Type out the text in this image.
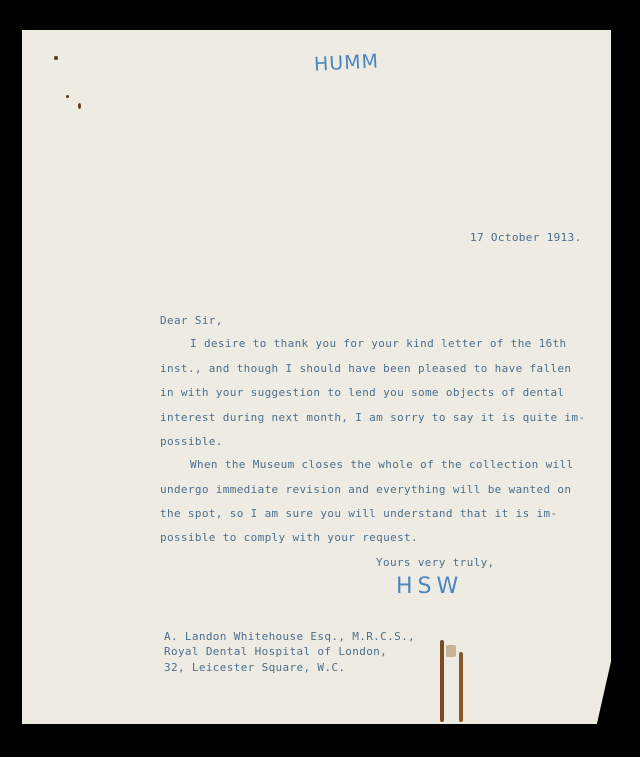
HUMM
17 October 1913.
Dear Sir,
I desire to thank you for your kind letter of the 16th
inst., and though I should have been pleased to have fallen
in with your suggestion to lend you some objects of dental
interest during next month, I am sorry to say it is quite im-
possible.
When the Museum closes the whole of the collection will
undergo immediate revision and everything will be wanted on
the spot, so I am sure you will understand that it is im-
possible to comply with your request.
Yours very truly,
HSW
A. Landon Whitehouse Esq., M.R.C.S.,
Royal Dental Hospital of London,
32, Leicester Square, W.C.
